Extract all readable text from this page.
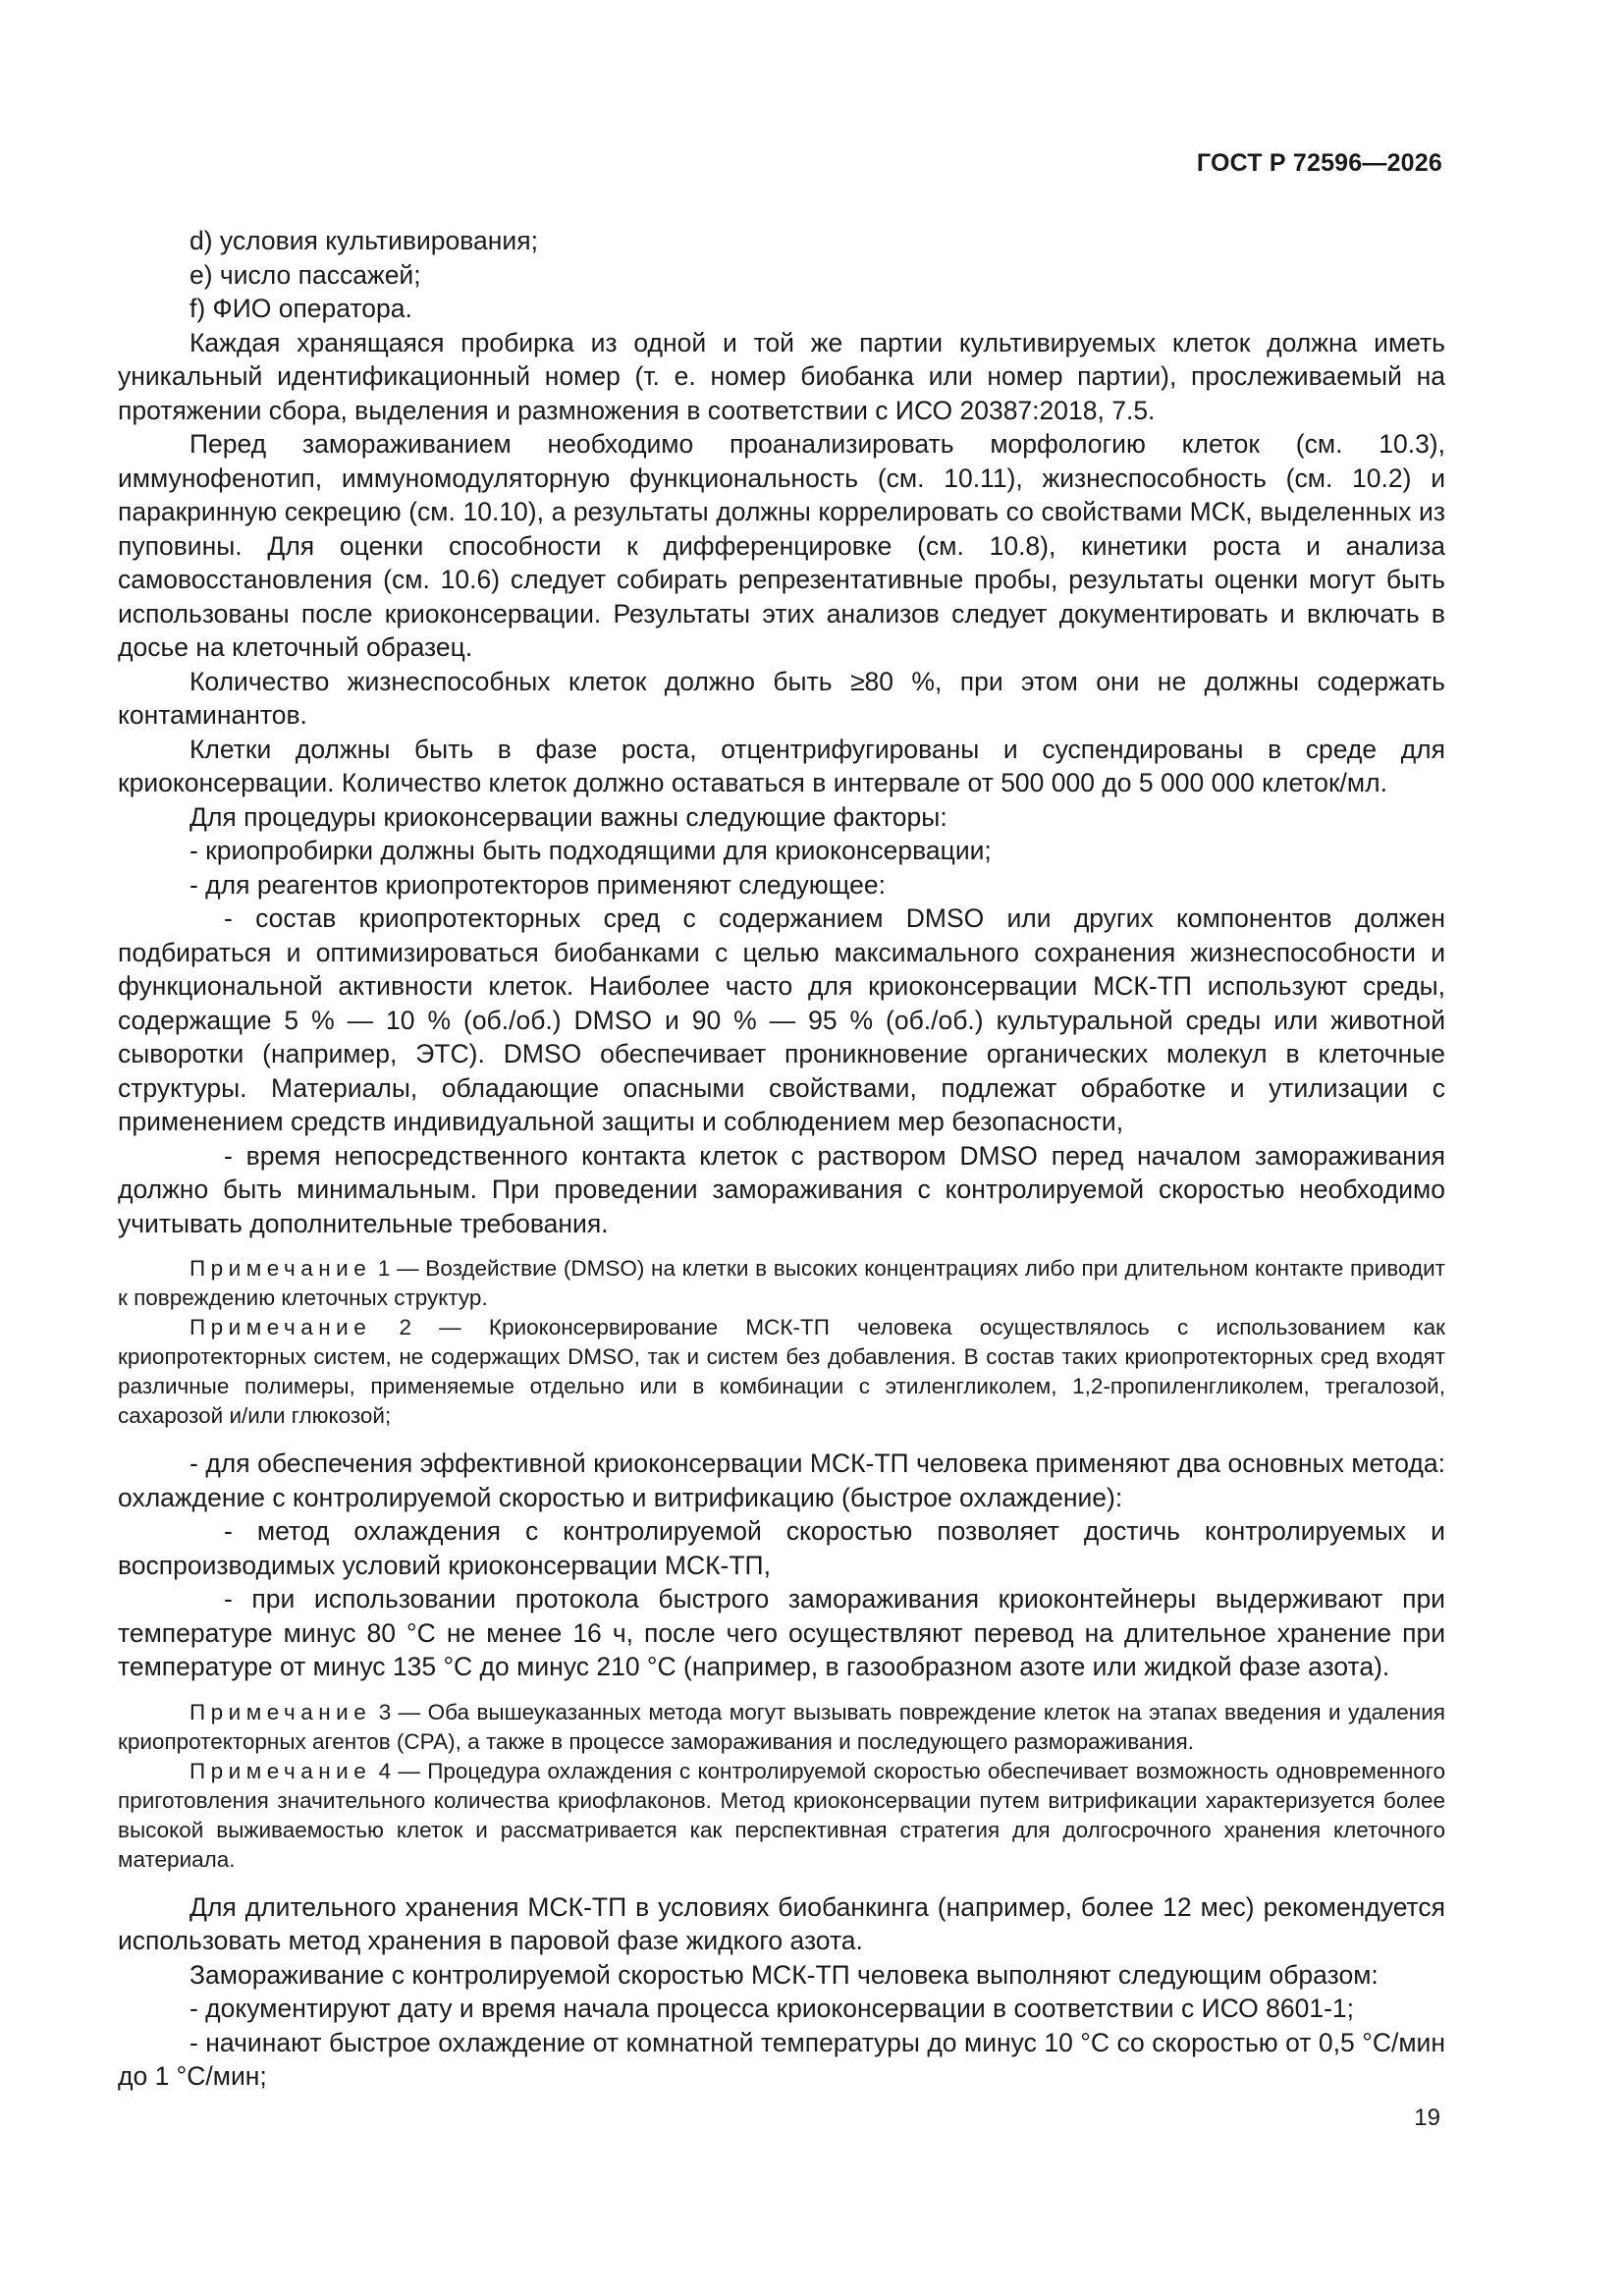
ГОСТ Р 72596—2026

d) условия культивирования;

e) число пассажей;

f) ФИО оператора.

Каждая хранящаяся пробирка из одной и той же партии культивируемых клеток должна иметь уникальный идентификационный номер (т. е. номер биобанка или номер партии), прослеживаемый на протяжении сбора, выделения и размножения в соответствии с ИСО 20387:2018, 7.5.

Перед замораживанием необходимо проанализировать морфологию клеток (см. 10.3), иммунофенотип, иммуномодуляторную функциональность (см. 10.11), жизнеспособность (см. 10.2) и паракринную секрецию (см. 10.10), а результаты должны коррелировать со свойствами МСК, выделенных из пуповины. Для оценки способности к дифференцировке (см. 10.8), кинетики роста и анализа самовосстановления (см. 10.6) следует собирать репрезентативные пробы, результаты оценки могут быть использованы после криоконсервации. Результаты этих анализов следует документировать и включать в досье на клеточный образец.

Количество жизнеспособных клеток должно быть ≥80 %, при этом они не должны содержать контаминантов.

Клетки должны быть в фазе роста, отцентрифугированы и суспендированы в среде для криоконсервации. Количество клеток должно оставаться в интервале от 500 000 до 5 000 000 клеток/мл.

Для процедуры криоконсервации важны следующие факторы:

- криопробирки должны быть подходящими для криоконсервации;

- для реагентов криопротекторов применяют следующее:

- состав криопротекторных сред с содержанием DMSO или других компонентов должен подбираться и оптимизироваться биобанками с целью максимального сохранения жизнеспособности и функциональной активности клеток. Наиболее часто для криоконсервации МСК-ТП используют среды, содержащие 5 % — 10 % (об./об.) DMSO и 90 % — 95 % (об./об.) культуральной среды или животной сыворотки (например, ЭТС). DMSO обеспечивает проникновение органических молекул в клеточные структуры. Материалы, обладающие опасными свойствами, подлежат обработке и утилизации с применением средств индивидуальной защиты и соблюдением мер безопасности,

- время непосредственного контакта клеток с раствором DMSO перед началом замораживания должно быть минимальным. При проведении замораживания с контролируемой скоростью необходимо учитывать дополнительные требования.

Примечание 1 — Воздействие (DMSO) на клетки в высоких концентрациях либо при длительном контакте приводит к повреждению клеточных структур.

Примечание 2 — Криоконсервирование МСК-ТП человека осуществлялось с использованием как криопротекторных систем, не содержащих DMSO, так и систем без добавления. В состав таких криопротекторных сред входят различные полимеры, применяемые отдельно или в комбинации с этиленгликолем, 1,2-пропиленгликолем, трегалозой, сахарозой и/или глюкозой;

- для обеспечения эффективной криоконсервации МСК-ТП человека применяют два основных метода: охлаждение с контролируемой скоростью и витрификацию (быстрое охлаждение):

- метод охлаждения с контролируемой скоростью позволяет достичь контролируемых и воспроизводимых условий криоконсервации МСК-ТП,

- при использовании протокола быстрого замораживания криоконтейнеры выдерживают при температуре минус 80 °С не менее 16 ч, после чего осуществляют перевод на длительное хранение при температуре от минус 135 °С до минус 210 °С (например, в газообразном азоте или жидкой фазе азота).

Примечание 3 — Оба вышеуказанных метода могут вызывать повреждение клеток на этапах введения и удаления криопротекторных агентов (СРА), а также в процессе замораживания и последующего размораживания.

Примечание 4 — Процедура охлаждения с контролируемой скоростью обеспечивает возможность одновременного приготовления значительного количества криофлаконов. Метод криоконсервации путем витрификации характеризуется более высокой выживаемостью клеток и рассматривается как перспективная стратегия для долгосрочного хранения клеточного материала.

Для длительного хранения МСК-ТП в условиях биобанкинга (например, более 12 мес) рекомендуется использовать метод хранения в паровой фазе жидкого азота.

Замораживание с контролируемой скоростью МСК-ТП человека выполняют следующим образом:

- документируют дату и время начала процесса криоконсервации в соответствии с ИСО 8601-1;

- начинают быстрое охлаждение от комнатной температуры до минус 10 °С со скоростью от 0,5 °С/мин до 1 °С/мин;

19
